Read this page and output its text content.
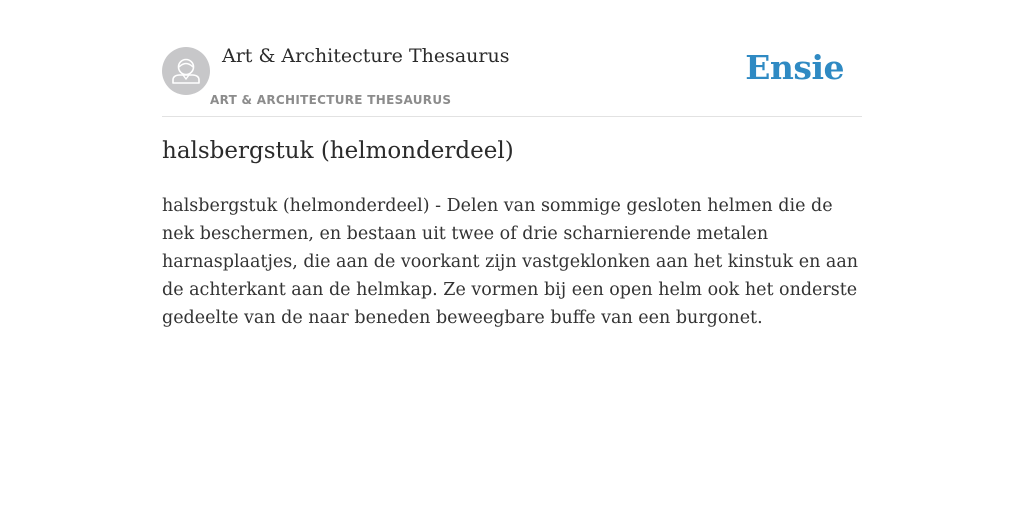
Art & Architecture Thesaurus
ART & ARCHITECTURE THESAURUS
Ensie
halsbergstuk (helmonderdeel)

halsbergstuk (helmonderdeel) - Delen van sommige gesloten helmen die de nek beschermen, en bestaan uit twee of drie scharnierende metalen harnasplaatjes, die aan de voorkant zijn vastgeklonken aan het kinstuk en aan de achterkant aan de helmkap. Ze vormen bij een open helm ook het onderste gedeelte van de naar beneden beweegbare buffe van een burgonet.
